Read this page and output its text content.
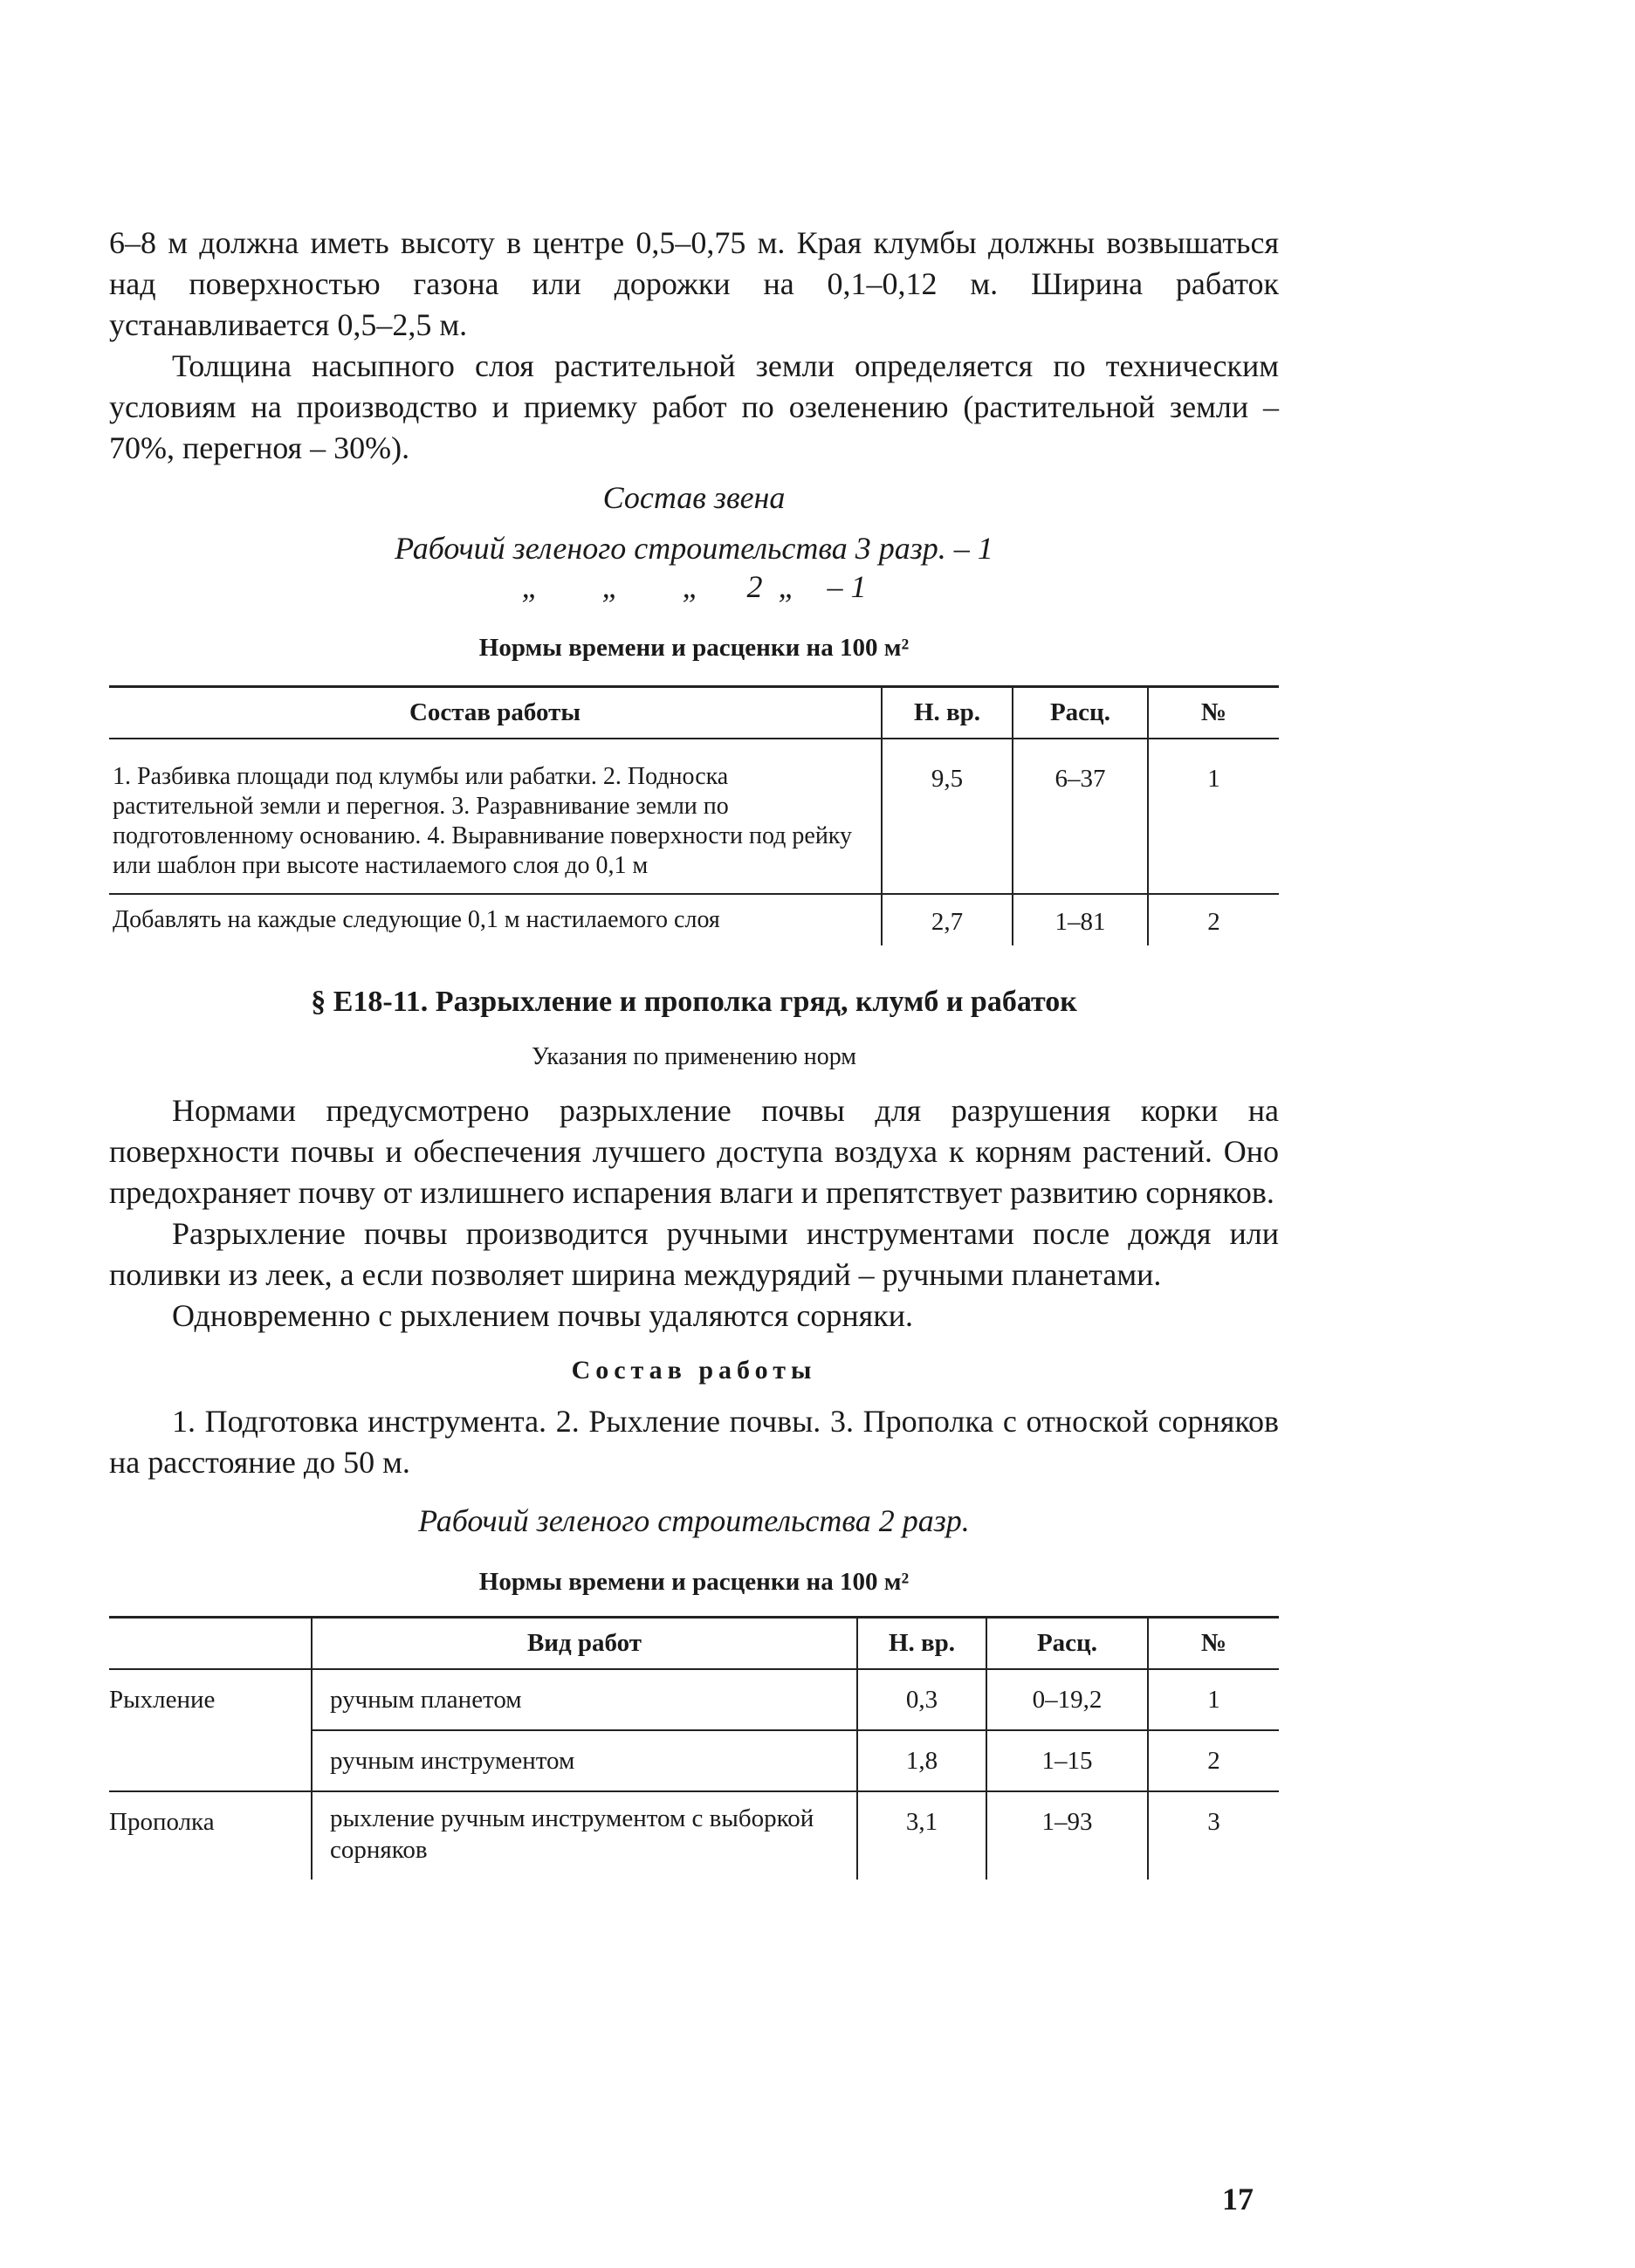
6–8 м должна иметь высоту в центре 0,5–0,75 м. Края клумбы должны возвышаться над поверхностью газона или дорожки на 0,1–0,12 м. Ширина рабаток устанавливается 0,5–2,5 м.

Толщина насыпного слоя растительной земли определяется по техническим условиям на производство и приемку работ по озеленению (растительной земли – 70%, перегноя – 30%).

Состав звена

Рабочий зеленого строительства 3 разр. – 1

„        „        „      2  „    – 1

Нормы времени и расценки на 100 м²

Состав работы	Н. вр.	Расц.	№
1. Разбивка площади под клумбы или рабатки. 2. Подноска растительной земли и перегноя. 3. Разравнивание земли по подготовленному основанию. 4. Выравнивание поверхности под рейку или шаблон при высоте настилаемого слоя до 0,1 м	9,5	6–37	1
Добавлять на каждые следующие 0,1 м настилаемого слоя	2,7	1–81	2

§ Е18-11. Разрыхление и прополка гряд, клумб и рабаток

Указания по применению норм

Нормами предусмотрено разрыхление почвы для разрушения корки на поверхности почвы и обеспечения лучшего доступа воздуха к корням растений. Оно предохраняет почву от излишнего испарения влаги и препятствует развитию сорняков.

Разрыхление почвы производится ручными инструментами после дождя или поливки из леек, а если позволяет ширина междурядий – ручными планетами.

Одновременно с рыхлением почвы удаляются сорняки.

Состав работы

1. Подготовка инструмента. 2. Рыхление почвы. 3. Прополка с отноской сорняков на расстояние до 50 м.

Рабочий зеленого строительства 2 разр.

Нормы времени и расценки на 100 м²

	Вид работ	Н. вр.	Расц.	№
Рыхление	ручным планетом	0,3	0–19,2	1
	ручным инструментом	1,8	1–15	2
Прополка	рыхление ручным инструментом с выборкой сорняков	3,1	1–93	3
17
